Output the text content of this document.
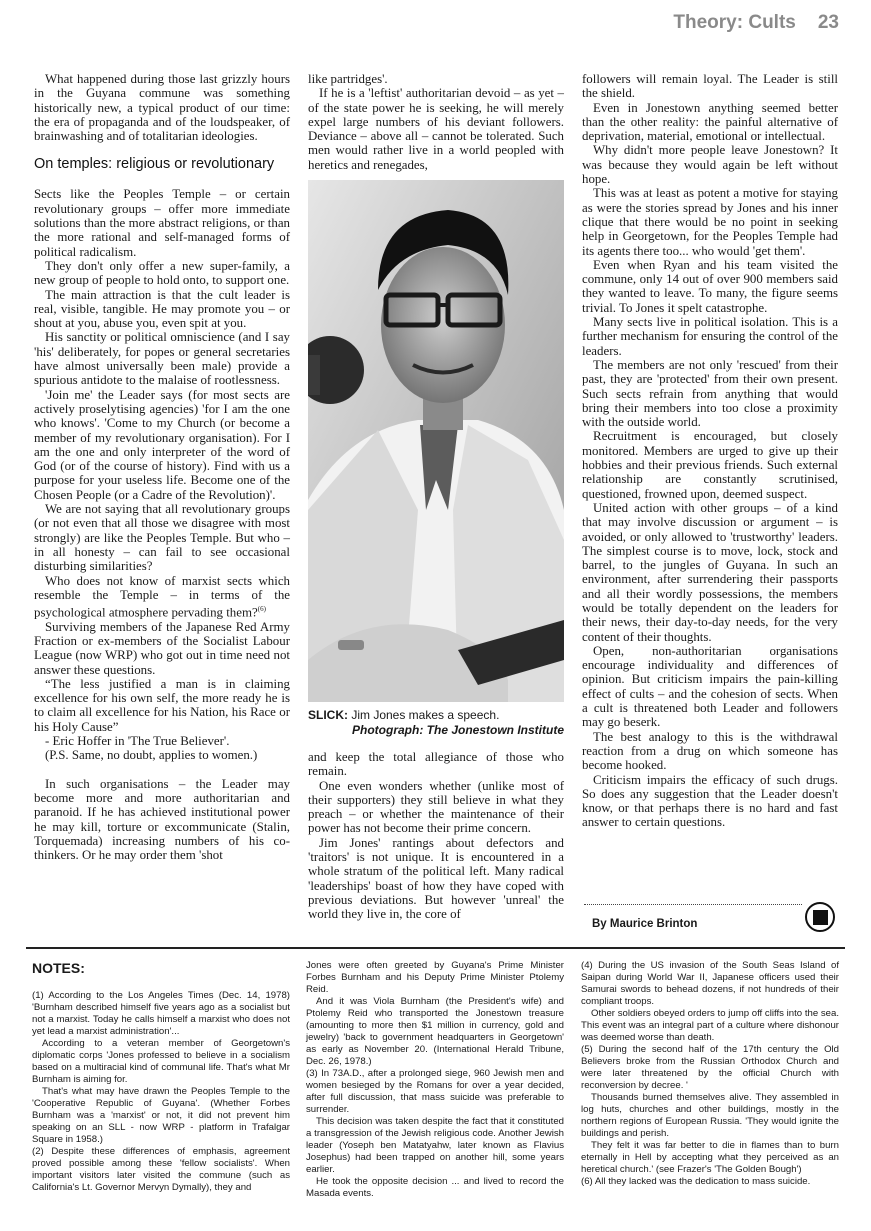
Theory: Cults 23

What happened during those last grizzly hours in the Guyana commune was something historically new, a typical product of our time: the era of propaganda and of the loudspeaker, of brainwashing and of totalitarian ideologies.

On temples: religious or revolutionary

Sects like the Peoples Temple – or certain revolutionary groups – offer more immediate solutions than the more abstract religions, or than the more rational and self-managed forms of political radicalism.

They don't only offer a new super-family, a new group of people to hold onto, to support one.

The main attraction is that the cult leader is real, visible, tangible. He may promote you – or shout at you, abuse you, even spit at you.

His sanctity or political omniscience (and I say 'his' deliberately, for popes or general secretaries have almost universally been male) provide a spurious antidote to the malaise of rootlessness.

'Join me' the Leader says (for most sects are actively proselytising agencies) 'for I am the one who knows'. 'Come to my Church (or become a member of my revolutionary organisation). For I am the one and only interpreter of the word of God (or of the course of history). Find with us a purpose for your useless life. Become one of the Chosen People (or a Cadre of the Revolution)'.

We are not saying that all revolutionary groups (or not even that all those we disagree with most strongly) are like the Peoples Temple. But who – in all honesty – can fail to see occasional disturbing similarities?

Who does not know of marxist sects which resemble the Temple – in terms of the psychological atmosphere pervading them?$^{(6)}$

Surviving members of the Japanese Red Army Fraction or ex-members of the Socialist Labour League (now WRP) who got out in time need not answer these questions.

“The less justified a man is in claiming excellence for his own self, the more ready he is to claim all excellence for his Nation, his Race or his Holy Cause”

- Eric Hoffer in 'The True Believer'.

(P.S. Same, no doubt, applies to women.)

In such organisations – the Leader may become more and more authoritarian and paranoid. If he has achieved institutional power he may kill, torture or excommunicate (Stalin, Torquemada) increasing numbers of his co-thinkers. Or he may order them 'shot

like partridges'.

If he is a 'leftist' authoritarian devoid – as yet – of the state power he is seeking, he will merely expel large numbers of his deviant followers. Deviance – above all – cannot be tolerated. Such men would rather live in a world peopled with heretics and renegades,

SLICK: Jim Jones makes a speech.
Photograph: The Jonestown Institute

and keep the total allegiance of those who remain.

One even wonders whether (unlike most of their supporters) they still believe in what they preach – or whether the maintenance of their power has not become their prime concern.

Jim Jones' rantings about defectors and 'traitors' is not unique. It is encountered in a whole stratum of the political left. Many radical 'leaderships' boast of how they have coped with previous deviations. But however 'unreal' the world they live in, the core of

followers will remain loyal. The Leader is still the shield.

Even in Jonestown anything seemed better than the other reality: the painful alternative of deprivation, material, emotional or intellectual.

Why didn't more people leave Jonestown? It was because they would again be left without hope.

This was at least as potent a motive for staying as were the stories spread by Jones and his inner clique that there would be no point in seeking help in Georgetown, for the Peoples Temple had its agents there too... who would 'get them'.

Even when Ryan and his team visited the commune, only 14 out of over 900 members said they wanted to leave. To many, the figure seems trivial. To Jones it spelt catastrophe.

Many sects live in political isolation. This is a further mechanism for ensuring the control of the leaders.

The members are not only 'rescued' from their past, they are 'protected' from their own present. Such sects refrain from anything that would bring their members into too close a proximity with the outside world.

Recruitment is encouraged, but closely monitored. Members are urged to give up their hobbies and their previous friends. Such external relationship are constantly scrutinised, questioned, frowned upon, deemed suspect.

United action with other groups – of a kind that may involve discussion or argument – is avoided, or only allowed to 'trustworthy' leaders. The simplest course is to move, lock, stock and barrel, to the jungles of Guyana. In such an environment, after surrendering their passports and all their wordly possessions, the members would be totally dependent on the leaders for their news, their day-to-day needs, for the very content of their thoughts.

Open, non-authoritarian organisations encourage individuality and differences of opinion. But criticism impairs the pain-killing effect of cults – and the cohesion of sects. When a cult is threatened both Leader and followers may go beserk.

The best analogy to this is the withdrawal reaction from a drug on which someone has become hooked.

Criticism impairs the efficacy of such drugs. So does any suggestion that the Leader doesn't know, or that perhaps there is no hard and fast answer to certain questions.

By Maurice Brinton
NOTES:

(1) According to the Los Angeles Times (Dec. 14, 1978) 'Burnham described himself five years ago as a socialist but not a marxist. Today he calls himself a marxist who does not yet lead a marxist administration'...

According to a veteran member of Georgetown's diplomatic corps 'Jones professed to believe in a socialism based on a multiracial kind of communal life. That's what Mr Burnham is aiming for.

That's what may have drawn the Peoples Temple to the 'Cooperative Republic of Guyana'. (Whether Forbes Burnham was a 'marxist' or not, it did not prevent him speaking on an SLL - now WRP - platform in Trafalgar Square in 1958.)

(2) Despite these differences of emphasis, agreement proved possible among these 'fellow socialists'. When important visitors later visited the commune (such as California's Lt. Governor Mervyn Dymally), they and

Jones were often greeted by Guyana's Prime Minister Forbes Burnham and his Deputy Prime Minister Ptolemy Reid.

And it was Viola Burnham (the President's wife) and Ptolemy Reid who transported the Jonestown treasure (amounting to more then $1 million in currency, gold and jewelry) 'back to government headquarters in Georgetown' as early as November 20. (International Herald Tribune, Dec. 26, 1978.)

(3) In 73A.D., after a prolonged siege, 960 Jewish men and women besieged by the Romans for over a year decided, after full discussion, that mass suicide was preferable to surrender.

This decision was taken despite the fact that it constituted a transgression of the Jewish religious code. Another Jewish leader (Yoseph ben Matatyahw, later known as Flavius Josephus) had been trapped on another hill, some years earlier.

He took the opposite decision ... and lived to record the Masada events.

(4) During the US invasion of the South Seas Island of Saipan during World War II, Japanese officers used their Samurai swords to behead dozens, if not hundreds of their compliant troops.

Other soldiers obeyed orders to jump off cliffs into the sea. This event was an integral part of a culture where dishonour was deemed worse than death.

(5) During the second half of the 17th century the Old Believers broke from the Russian Orthodox Church and were later threatened by the official Church with reconversion by decree. '

Thousands burned themselves alive. They assembled in log huts, churches and other buildings, mostly in the northern regions of European Russia. 'They would ignite the buildings and perish.

They felt it was far better to die in flames than to burn eternally in Hell by accepting what they perceived as an heretical church.' (see Frazer's 'The Golden Bough')

(6) All they lacked was the dedication to mass suicide.
